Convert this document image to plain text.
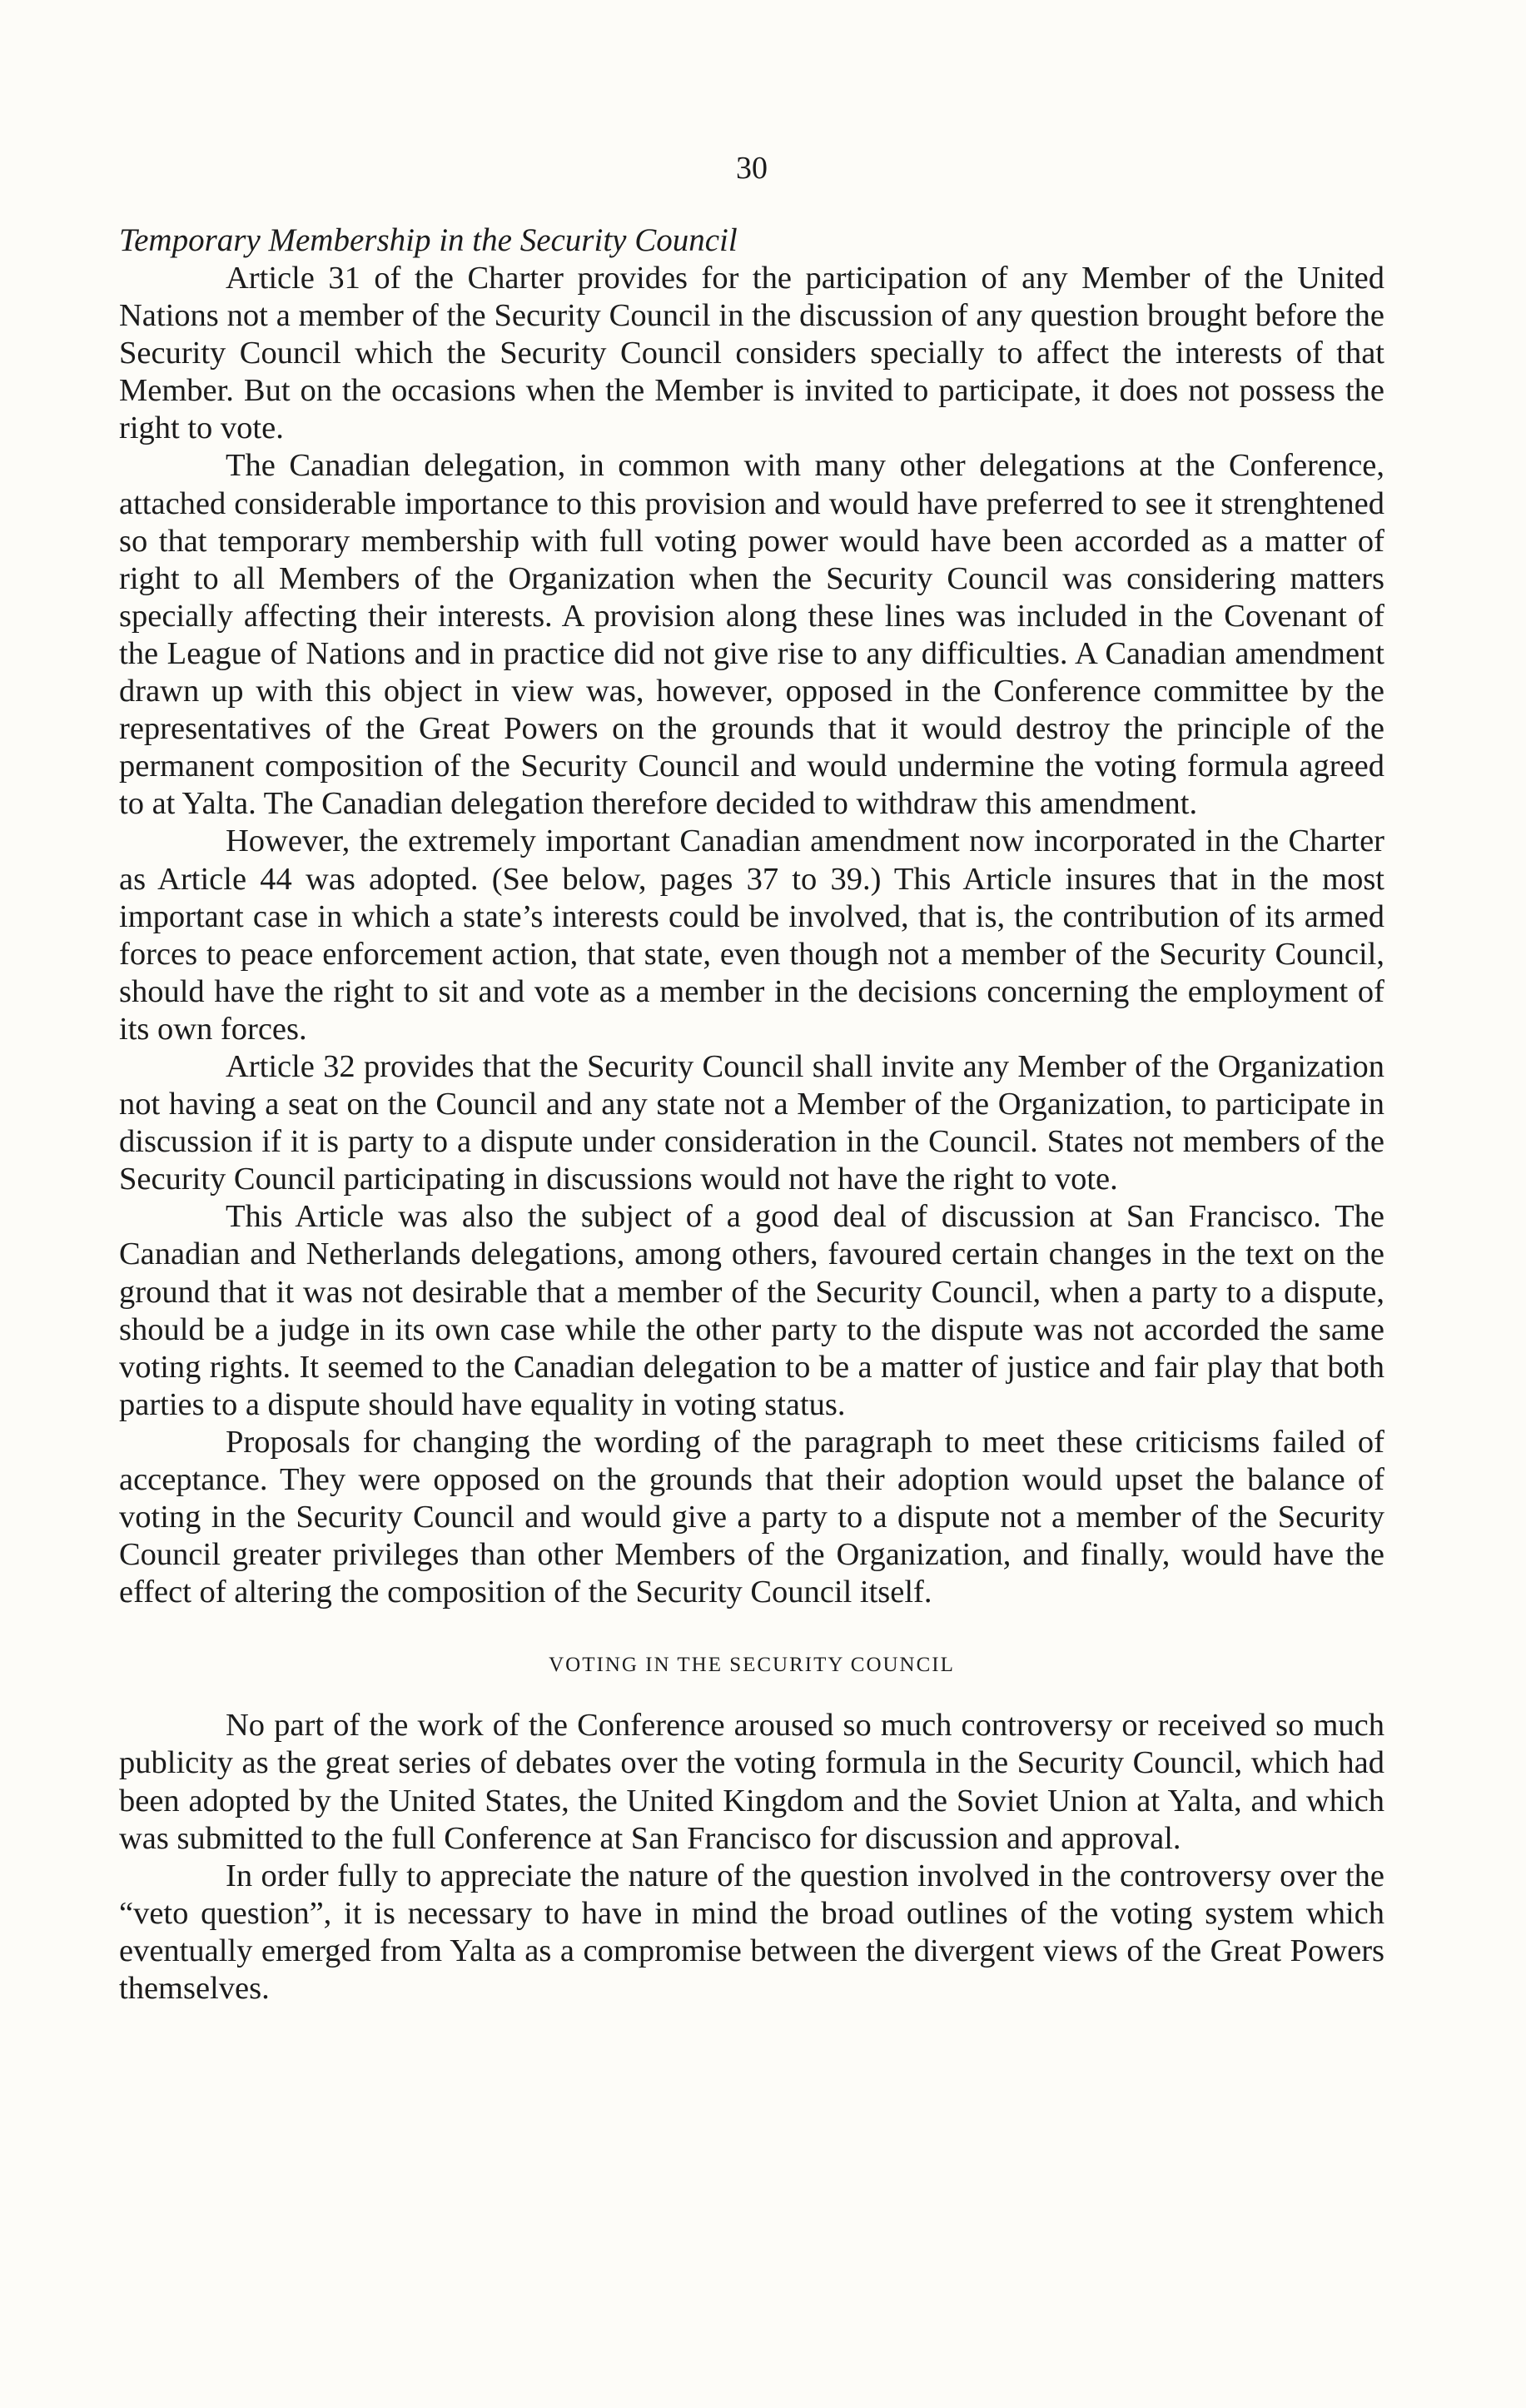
30
Temporary Membership in the Security Council

Article 31 of the Charter provides for the participation of any Member of the United Nations not a member of the Security Council in the discussion of any question brought before the Security Council which the Security Council considers specially to affect the interests of that Member. But on the occasions when the Member is invited to participate, it does not possess the right to vote.

The Canadian delegation, in common with many other delegations at the Conference, attached considerable importance to this provision and would have preferred to see it strenghtened so that temporary membership with full voting power would have been accorded as a matter of right to all Members of the Organization when the Security Council was considering matters specially affecting their interests. A provision along these lines was included in the Covenant of the League of Nations and in practice did not give rise to any difficulties. A Canadian amendment drawn up with this object in view was, however, opposed in the Conference committee by the representatives of the Great Powers on the grounds that it would destroy the principle of the permanent composition of the Security Council and would undermine the voting formula agreed to at Yalta. The Canadian delegation therefore decided to withdraw this amendment.

However, the extremely important Canadian amendment now incorporated in the Charter as Article 44 was adopted. (See below, pages 37 to 39.) This Article insures that in the most important case in which a state’s interests could be involved, that is, the contribution of its armed forces to peace enforcement action, that state, even though not a member of the Security Council, should have the right to sit and vote as a member in the decisions concerning the employment of its own forces.

Article 32 provides that the Security Council shall invite any Member of the Organization not having a seat on the Council and any state not a Member of the Organization, to participate in discussion if it is party to a dispute under consideration in the Council. States not members of the Security Council participating in discussions would not have the right to vote.

This Article was also the subject of a good deal of discussion at San Francisco. The Canadian and Netherlands delegations, among others, favoured certain changes in the text on the ground that it was not desirable that a member of the Security Council, when a party to a dispute, should be a judge in its own case while the other party to the dispute was not accorded the same voting rights. It seemed to the Canadian delegation to be a matter of justice and fair play that both parties to a dispute should have equality in voting status.

Proposals for changing the wording of the paragraph to meet these criticisms failed of acceptance. They were opposed on the grounds that their adoption would upset the balance of voting in the Security Council and would give a party to a dispute not a member of the Security Council greater privileges than other Members of the Organization, and finally, would have the effect of altering the composition of the Security Council itself.

VOTING IN THE SECURITY COUNCIL

No part of the work of the Conference aroused so much controversy or received so much publicity as the great series of debates over the voting formula in the Security Council, which had been adopted by the United States, the United Kingdom and the Soviet Union at Yalta, and which was submitted to the full Conference at San Francisco for discussion and approval.

In order fully to appreciate the nature of the question involved in the controversy over the “veto question”, it is necessary to have in mind the broad outlines of the voting system which eventually emerged from Yalta as a compromise between the divergent views of the Great Powers themselves.
